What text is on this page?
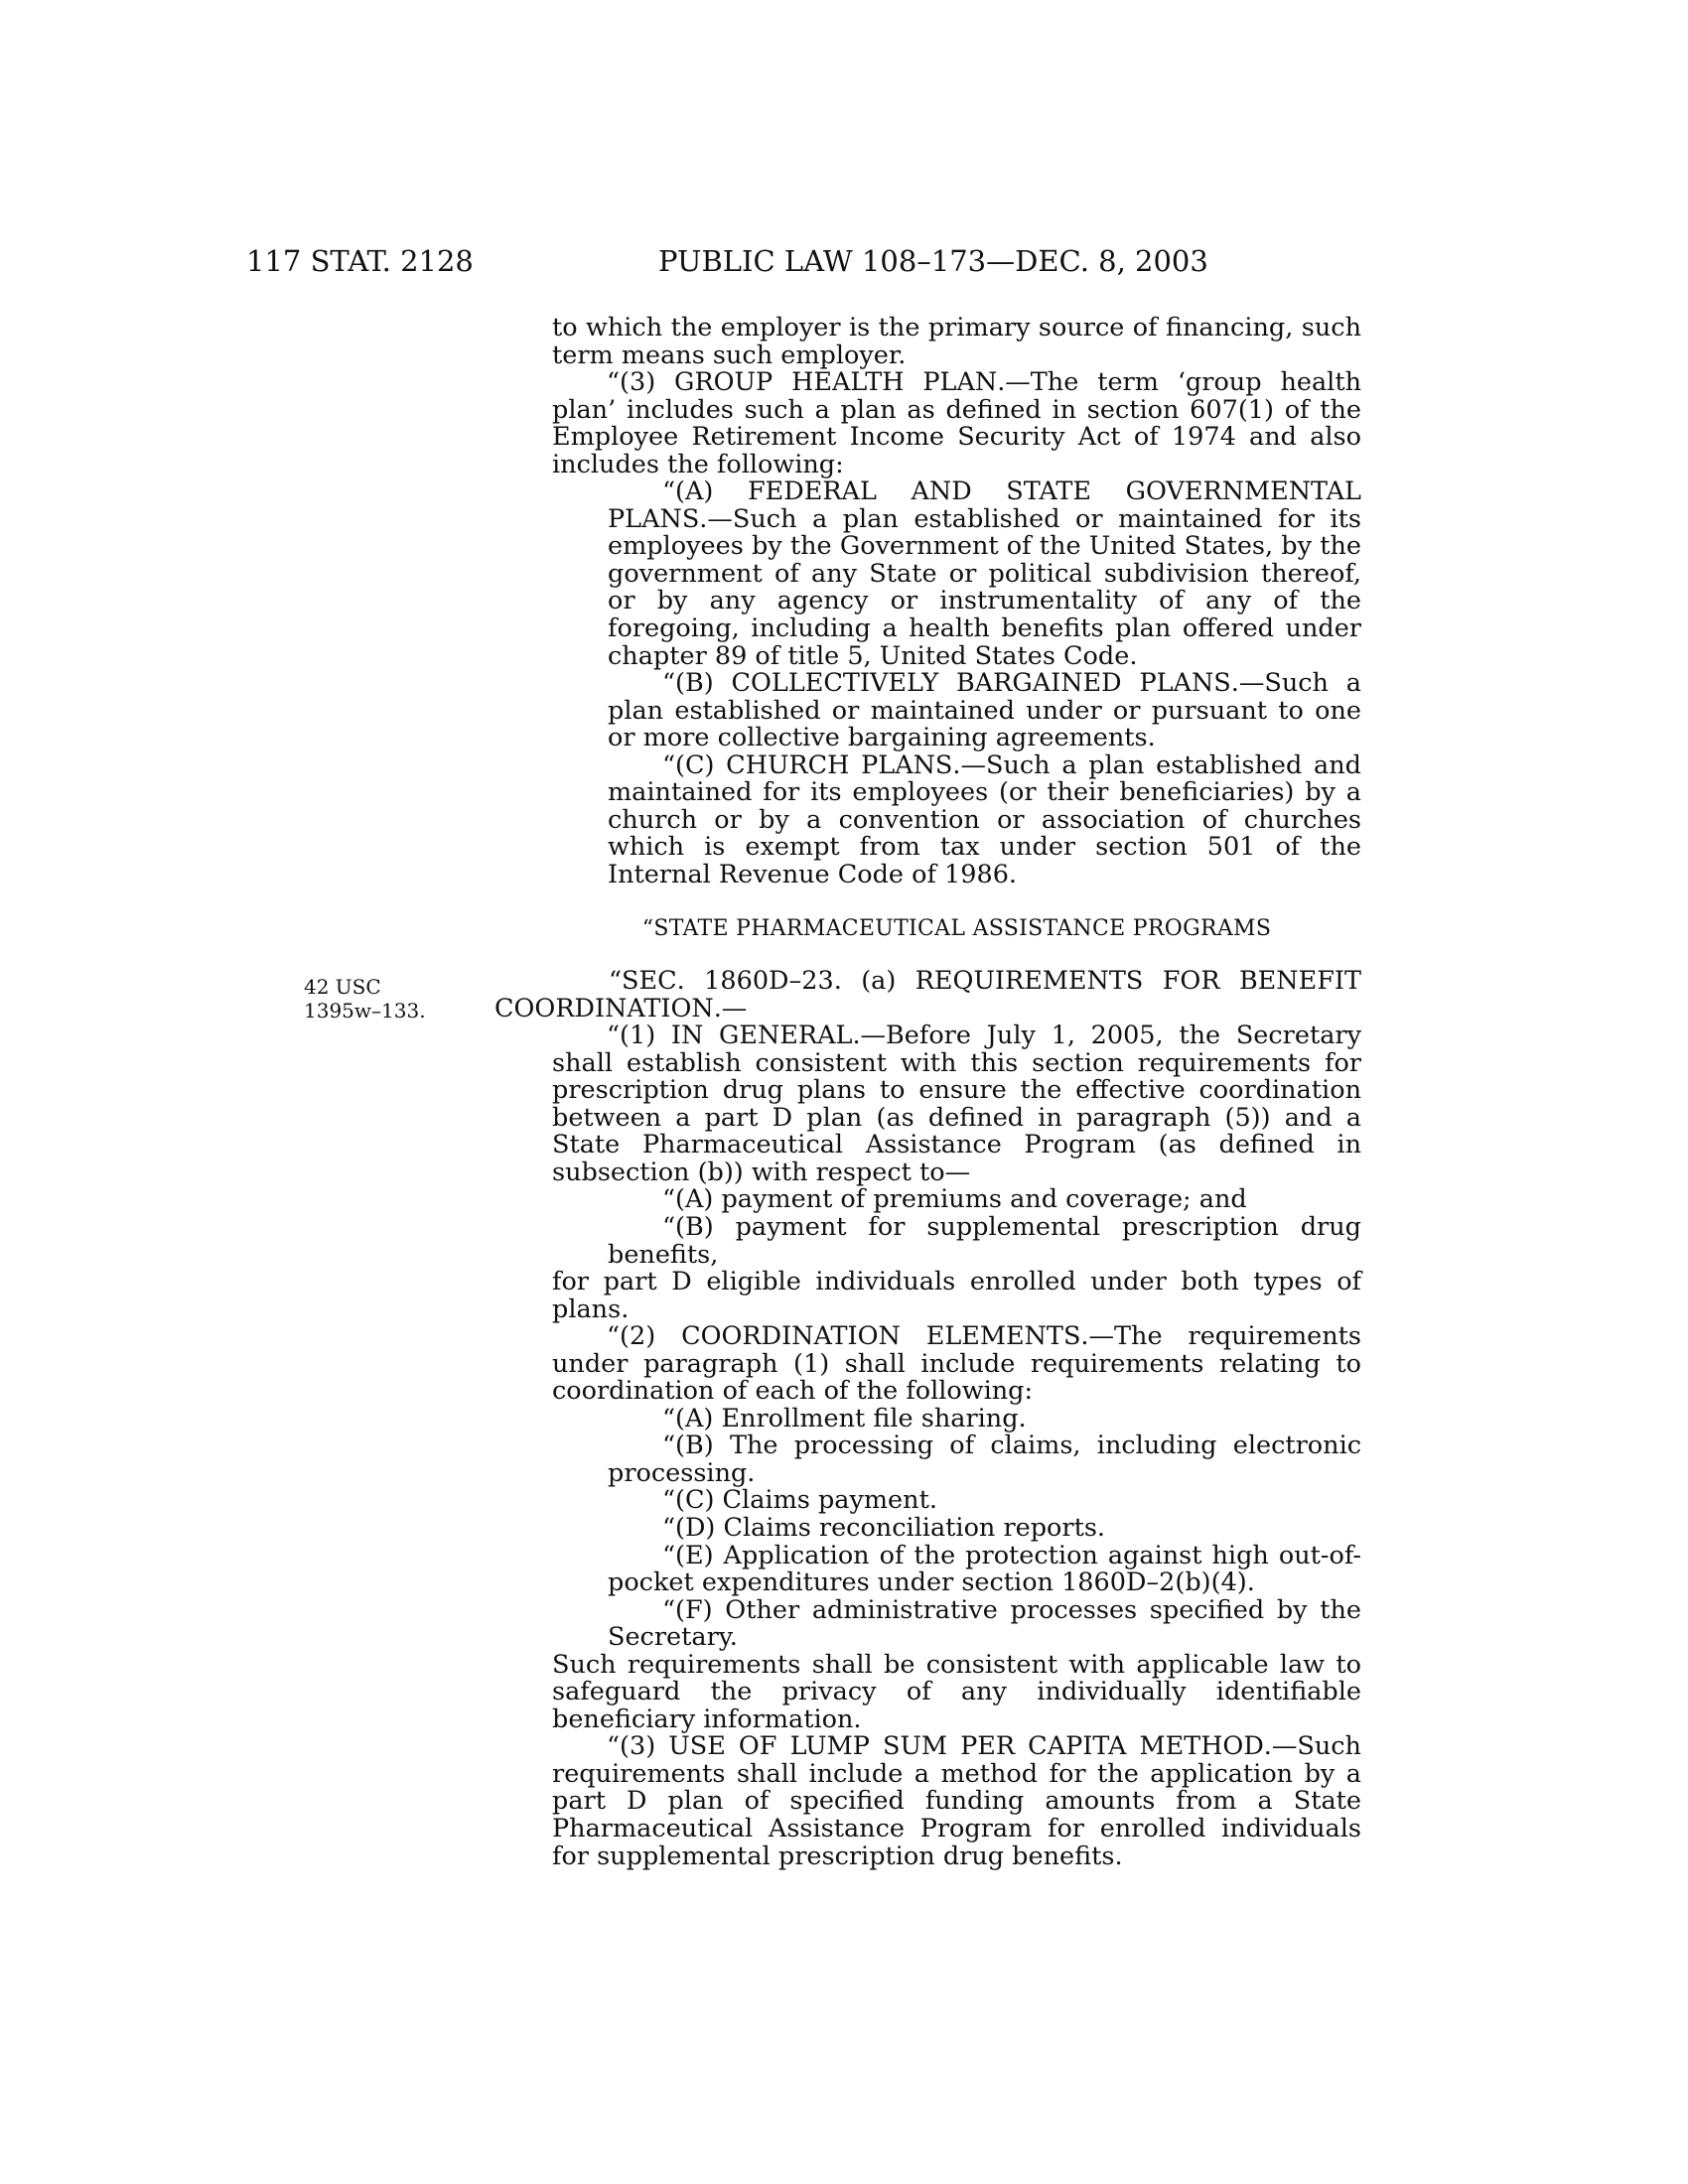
117 STAT. 2128	PUBLIC LAW 108–173—DEC. 8, 2003
42 USC
1395w–133.
to which the employer is the primary source of financing, such term means such employer.
“(3) GROUP HEALTH PLAN.—The term ‘group health plan’ includes such a plan as defined in section 607(1) of the Employee Retirement Income Security Act of 1974 and also includes the following:
“(A) FEDERAL AND STATE GOVERNMENTAL PLANS.—Such a plan established or maintained for its employees by the Government of the United States, by the government of any State or political subdivision thereof, or by any agency or instrumentality of any of the foregoing, including a health benefits plan offered under chapter 89 of title 5, United States Code.
“(B) COLLECTIVELY BARGAINED PLANS.—Such a plan established or maintained under or pursuant to one or more collective bargaining agreements.
“(C) CHURCH PLANS.—Such a plan established and maintained for its employees (or their beneficiaries) by a church or by a convention or association of churches which is exempt from tax under section 501 of the Internal Revenue Code of 1986.
“STATE PHARMACEUTICAL ASSISTANCE PROGRAMS
“SEC. 1860D–23. (a) REQUIREMENTS FOR BENEFIT COORDINATION.—
“(1) IN GENERAL.—Before July 1, 2005, the Secretary shall establish consistent with this section requirements for prescription drug plans to ensure the effective coordination between a part D plan (as defined in paragraph (5)) and a State Pharmaceutical Assistance Program (as defined in subsection (b)) with respect to—
“(A) payment of premiums and coverage; and
“(B) payment for supplemental prescription drug benefits,
for part D eligible individuals enrolled under both types of plans.
“(2) COORDINATION ELEMENTS.—The requirements under paragraph (1) shall include requirements relating to coordination of each of the following:
“(A) Enrollment file sharing.
“(B) The processing of claims, including electronic processing.
“(C) Claims payment.
“(D) Claims reconciliation reports.
“(E) Application of the protection against high out-of-pocket expenditures under section 1860D–2(b)(4).
“(F) Other administrative processes specified by the Secretary.
Such requirements shall be consistent with applicable law to safeguard the privacy of any individually identifiable beneficiary information.
“(3) USE OF LUMP SUM PER CAPITA METHOD.—Such requirements shall include a method for the application by a part D plan of specified funding amounts from a State Pharmaceutical Assistance Program for enrolled individuals for supplemental prescription drug benefits.
